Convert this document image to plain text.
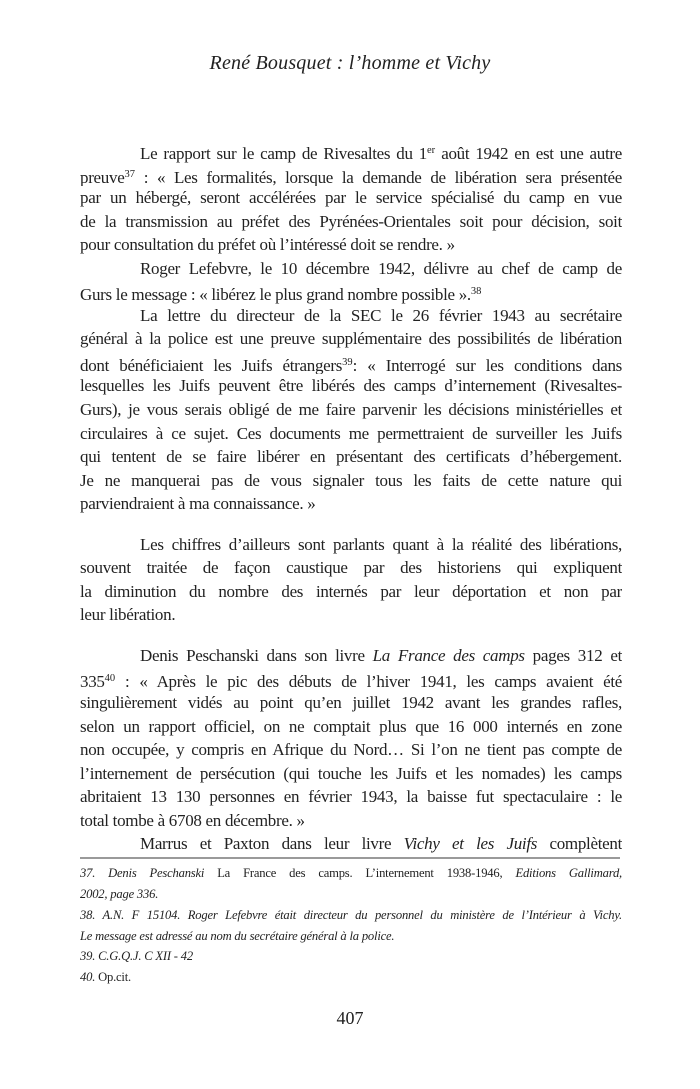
René Bousquet : l’homme et Vichy
Le rapport sur le camp de Rivesaltes du 1er août 1942 en est une autre
preuve$^{37}$ : « Les formalités, lorsque la demande de libération sera présentée
par un hébergé, seront accélérées par le service spécialisé du camp en vue
de la transmission au préfet des Pyrénées-Orientales soit pour décision, soit
pour consultation du préfet où l’intéressé doit se rendre. »
Roger Lefebvre, le 10 décembre 1942, délivre au chef de camp de
Gurs le message : « libérez le plus grand nombre possible ».$^{38}$
La lettre du directeur de la SEC le 26 février 1943 au secrétaire
général à la police est une preuve supplémentaire des possibilités de libération
dont bénéficiaient les Juifs étrangers$^{39}$: « Interrogé sur les conditions dans
lesquelles les Juifs peuvent être libérés des camps d’internement (Rivesaltes-
Gurs), je vous serais obligé de me faire parvenir les décisions ministérielles et
circulaires à ce sujet. Ces documents me permettraient de surveiller les Juifs
qui tentent de se faire libérer en présentant des certificats d’hébergement.
Je ne manquerai pas de vous signaler tous les faits de cette nature qui
parviendraient à ma connaissance. »
Les chiffres d’ailleurs sont parlants quant à la réalité des libérations,
souvent traitée de façon caustique par des historiens qui expliquent
la diminution du nombre des internés par leur déportation et non par
leur libération.
Denis Peschanski dans son livre La France des camps pages 312 et
$335^{40}$ : « Après le pic des débuts de l’hiver 1941, les camps avaient été
singulièrement vidés au point qu’en juillet 1942 avant les grandes rafles,
selon un rapport officiel, on ne comptait plus que 16 000 internés en zone
non occupée, y compris en Afrique du Nord… Si l’on ne tient pas compte de
l’internement de persécution (qui touche les Juifs et les nomades) les camps
abritaient 13 130 personnes en février 1943, la baisse fut spectaculaire : le
total tombe à 6708 en décembre. »
Marrus et Paxton dans leur livre Vichy et les Juifs complètent
37. Denis Peschanski La France des camps. L’internement 1938-1946, Editions Gallimard,
2002, page 336.
38. A.N. F 15104. Roger Lefebvre était directeur du personnel du ministère de l’Intérieur à Vichy.
Le message est adressé au nom du secrétaire général à la police.
39. C.G.Q.J. C XII - 42
40. Op.cit.
407
